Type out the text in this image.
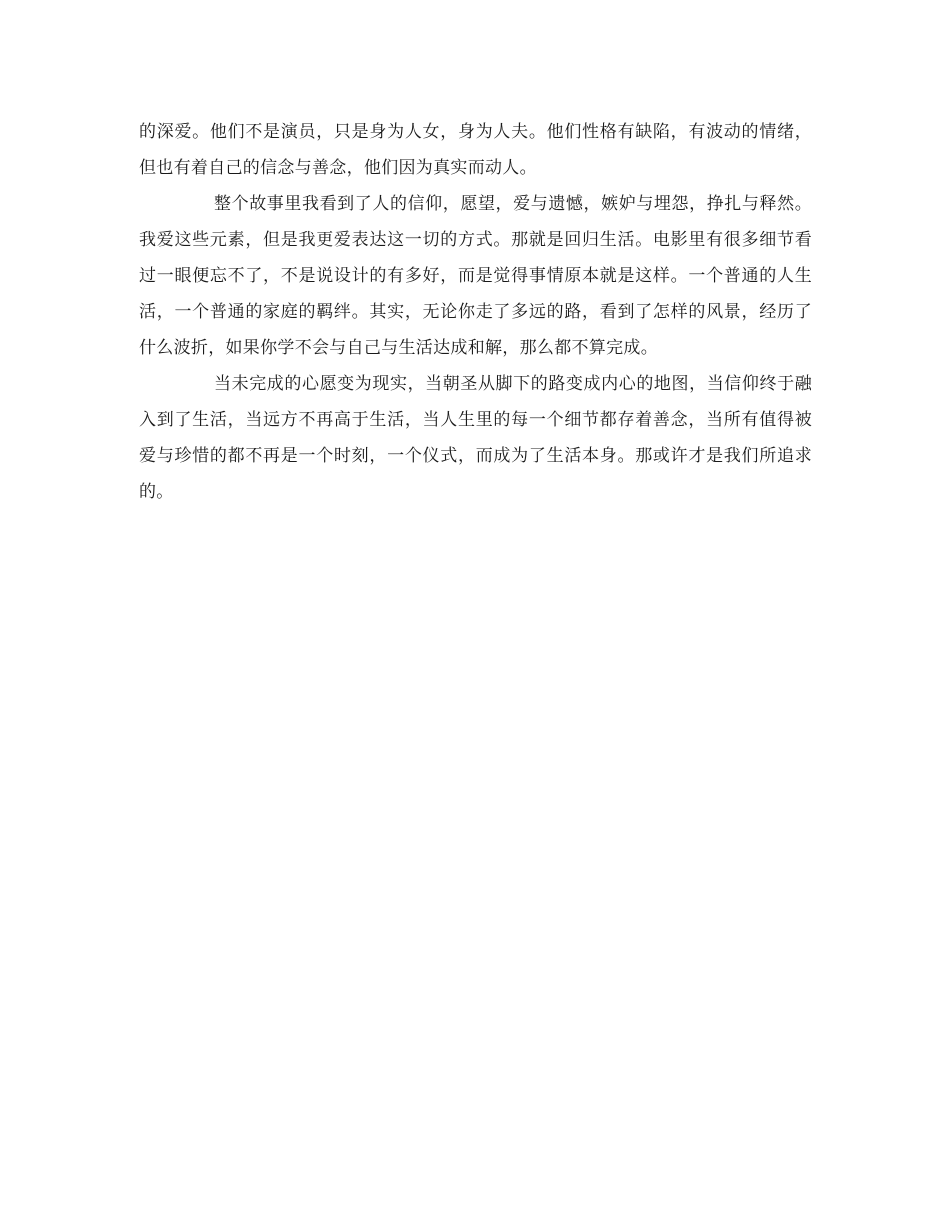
的深爱。他们不是演员，只是身为人女，身为人夫。他们性格有缺陷，有波动的情绪，但也有着自己的信念与善念，他们因为真实而动人。

整个故事里我看到了人的信仰，愿望，爱与遗憾，嫉妒与埋怨，挣扎与释然。我爱这些元素，但是我更爱表达这一切的方式。那就是回归生活。电影里有很多细节看过一眼便忘不了，不是说设计的有多好，而是觉得事情原本就是这样。一个普通的人生活，一个普通的家庭的羁绊。其实，无论你走了多远的路，看到了怎样的风景，经历了什么波折，如果你学不会与自己与生活达成和解，那么都不算完成。

当未完成的心愿变为现实，当朝圣从脚下的路变成内心的地图，当信仰终于融入到了生活，当远方不再高于生活，当人生里的每一个细节都存着善念，当所有值得被爱与珍惜的都不再是一个时刻，一个仪式，而成为了生活本身。那或许才是我们所追求的。
